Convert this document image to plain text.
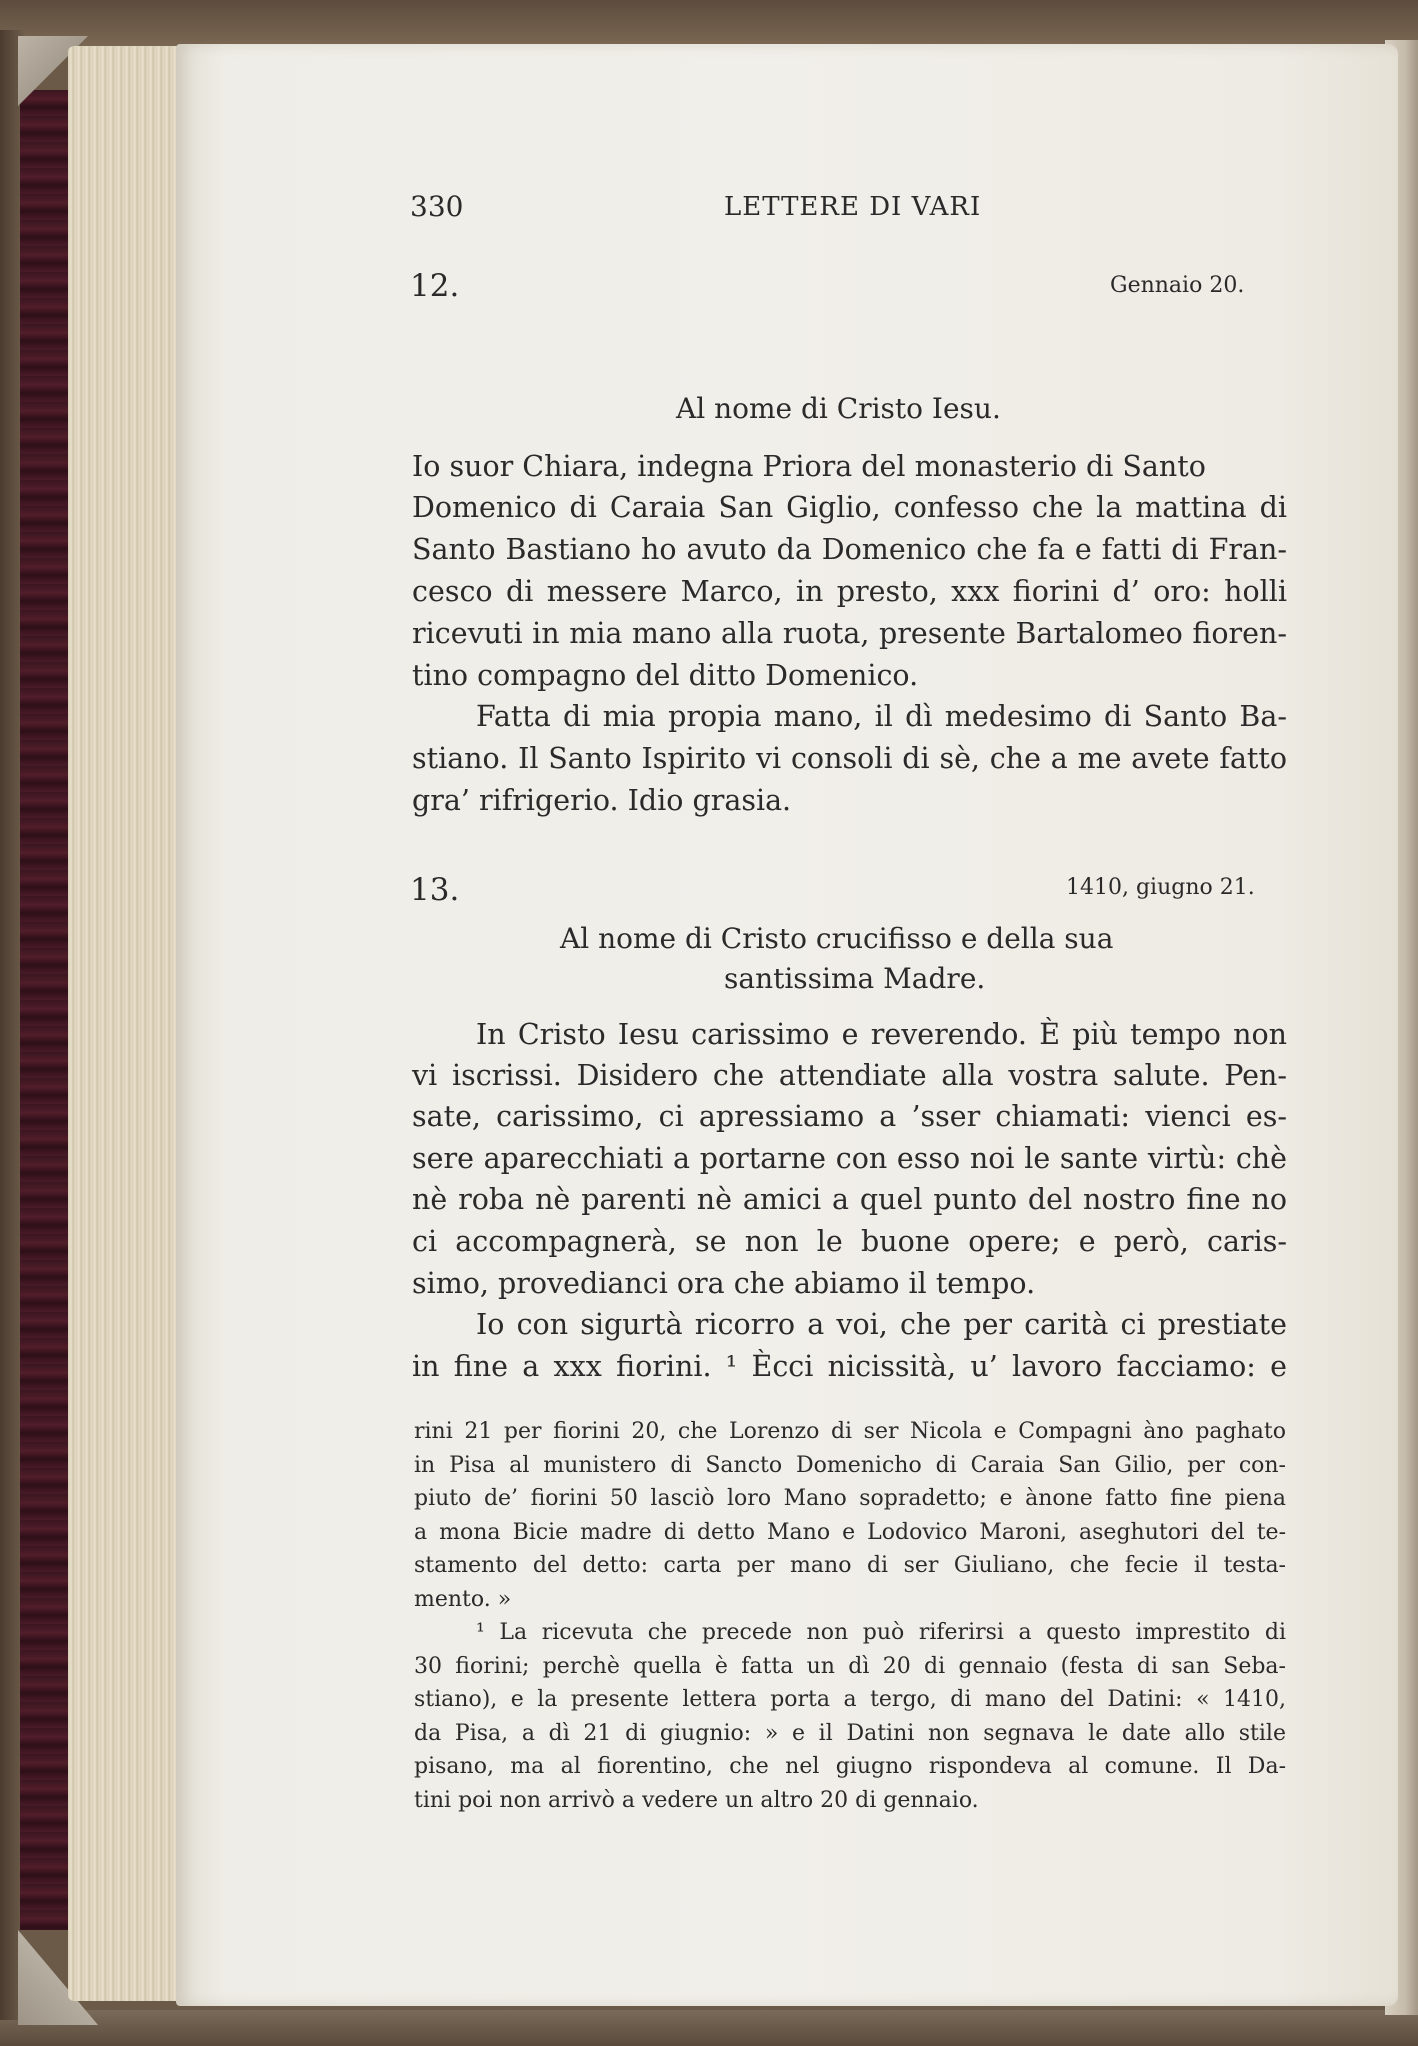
330	LETTERE DI VARI
12.	Gennaio 20.
Al nome di Cristo Iesu.
Io suor Chiara, indegna Priora del monasterio di Santo
Domenico di Caraia San Giglio, confesso che la mattina di
Santo Bastiano ho avuto da Domenico che fa e fatti di Fran-
cesco di messere Marco, in presto, xxx fiorini d’ oro: holli
ricevuti in mia mano alla ruota, presente Bartalomeo fioren-
tino compagno del ditto Domenico.
Fatta di mia propia mano, il dì medesimo di Santo Ba-
stiano. Il Santo Ispirito vi consoli di sè, che a me avete fatto
gra’ rifrigerio. Idio grasia.
13.	1410, giugno 21.
Al nome di Cristo crucifisso e della sua
santissima Madre.
In Cristo Iesu carissimo e reverendo. È più tempo non
vi iscrissi. Disidero che attendiate alla vostra salute. Pen-
sate, carissimo, ci apressiamo a ’sser chiamati: vienci es-
sere aparecchiati a portarne con esso noi le sante virtù: chè
nè roba nè parenti nè amici a quel punto del nostro fine no
ci accompagnerà, se non le buone opere; e però, caris-
simo, provedianci ora che abiamo il tempo.
Io con sigurtà ricorro a voi, che per carità ci prestiate
in fine a xxx fiorini. ¹ Ècci nicissità, u’ lavoro facciamo: e
rini 21 per fiorini 20, che Lorenzo di ser Nicola e Compagni àno paghato
in Pisa al munistero di Sancto Domenicho di Caraia San Gilio, per con-
piuto de’ fiorini 50 lasciò loro Mano sopradetto; e ànone fatto fine piena
a mona Bicie madre di detto Mano e Lodovico Maroni, aseghutori del te-
stamento del detto: carta per mano di ser Giuliano, che fecie il testa-
mento. »
¹ La ricevuta che precede non può riferirsi a questo imprestito di
30 fiorini; perchè quella è fatta un dì 20 di gennaio (festa di san Seba-
stiano), e la presente lettera porta a tergo, di mano del Datini: « 1410,
da Pisa, a dì 21 di giugnio: » e il Datini non segnava le date allo stile
pisano, ma al fiorentino, che nel giugno rispondeva al comune. Il Da-
tini poi non arrivò a vedere un altro 20 di gennaio.
